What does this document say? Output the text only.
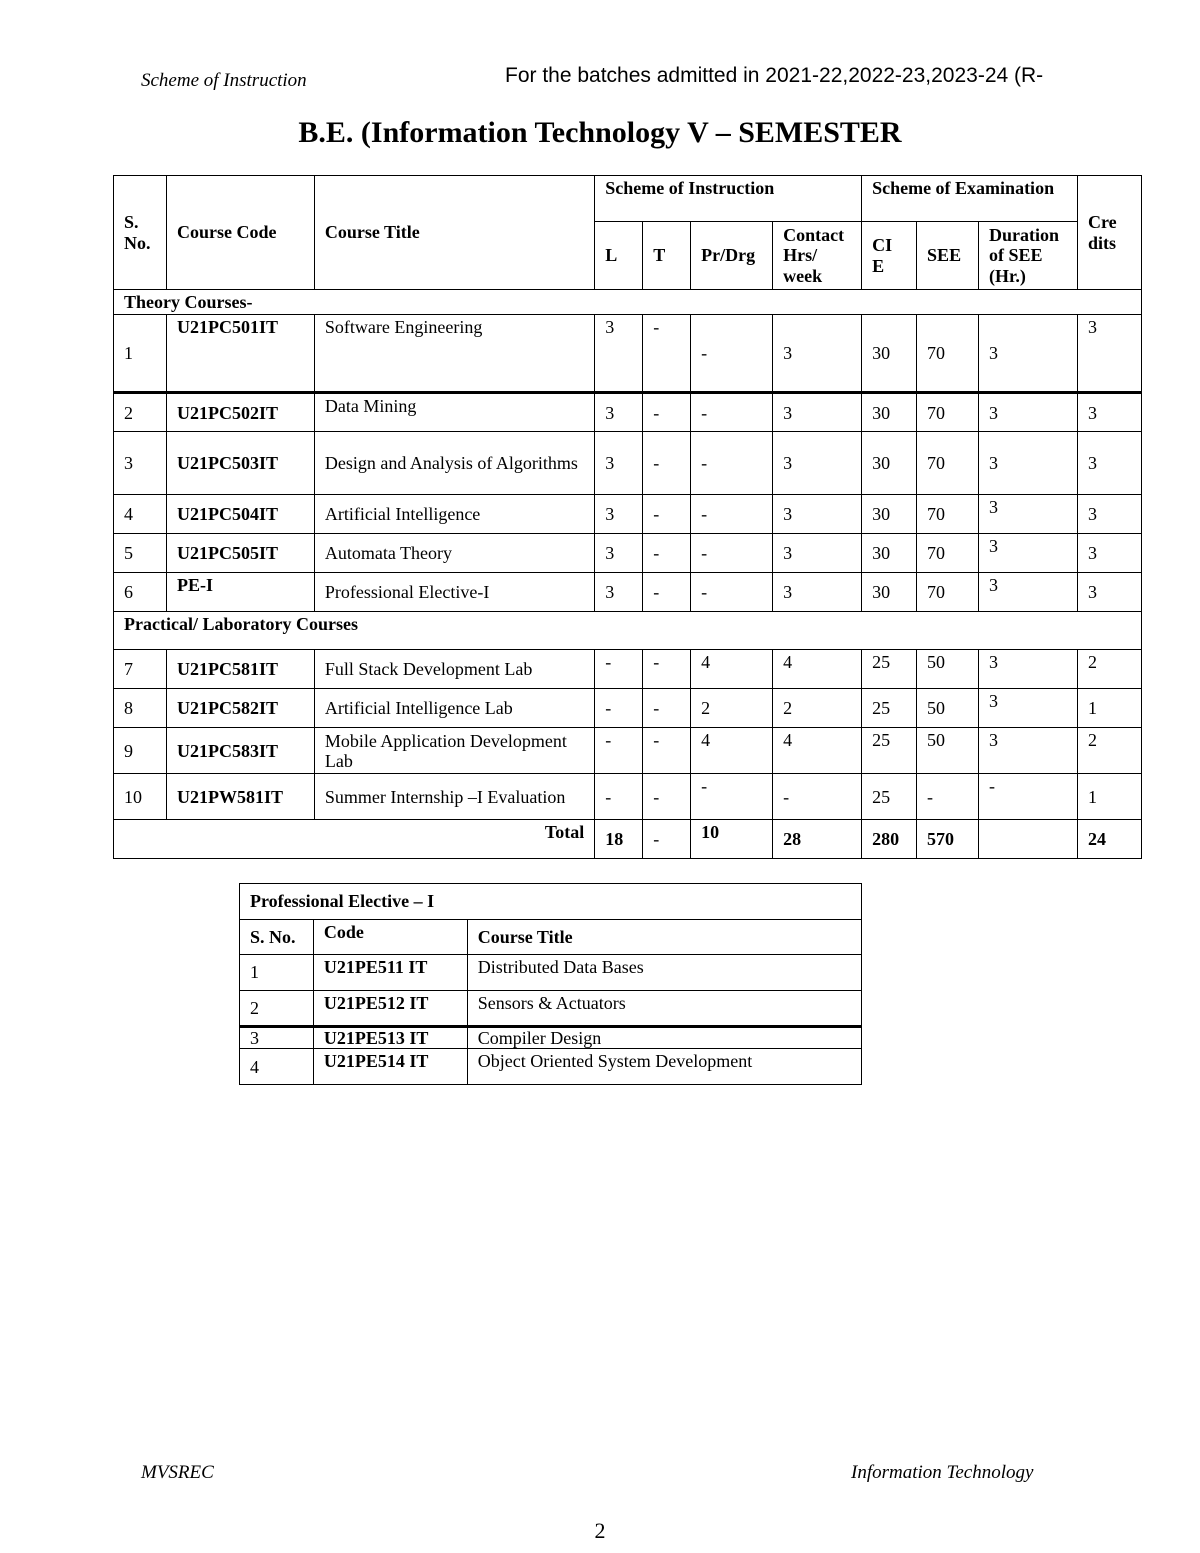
Scheme of Instruction	For the batches admitted in 2021-22,2022-23,2023-24 (R-
B.E. (Information Technology V – SEMESTER
S. No.	Course Code	Course Title	Scheme of Instruction				Scheme of Examination			Cre dits
			L	T	Pr/Drg	Contact Hrs/ week	CI E	SEE	Duration of SEE (Hr.)	
Theory Courses-										
1	U21PC501IT	Software Engineering	3	-	-	3	30	70	3	3
2	U21PC502IT	Data Mining	3	-	-	3	30	70	3	3
3	U21PC503IT	Design and Analysis of Algorithms	3	-	-	3	30	70	3	3
4	U21PC504IT	Artificial Intelligence	3	-	-	3	30	70	3	3
5	U21PC505IT	Automata Theory	3	-	-	3	30	70	3	3
6	PE-I	Professional Elective-I	3	-	-	3	30	70	3	3
Practical/ Laboratory Courses										
7	U21PC581IT	Full Stack Development Lab	-	-	4	4	25	50	3	2
8	U21PC582IT	Artificial Intelligence Lab	-	-	2	2	25	50	3	1
9	U21PC583IT	Mobile Application Development Lab	-	-	4	4	25	50	3	2
10	U21PW581IT	Summer Internship –I Evaluation	-	-	-	-	25	-	-	1
Total			18	-	10	28	280	570		24
Professional Elective – I		
S. No.	Code	Course Title
1	U21PE511 IT	Distributed Data Bases
2	U21PE512 IT	Sensors & Actuators
3	U21PE513 IT	Compiler Design
4	U21PE514 IT	Object Oriented System Development
MVSREC	Information Technology
2
